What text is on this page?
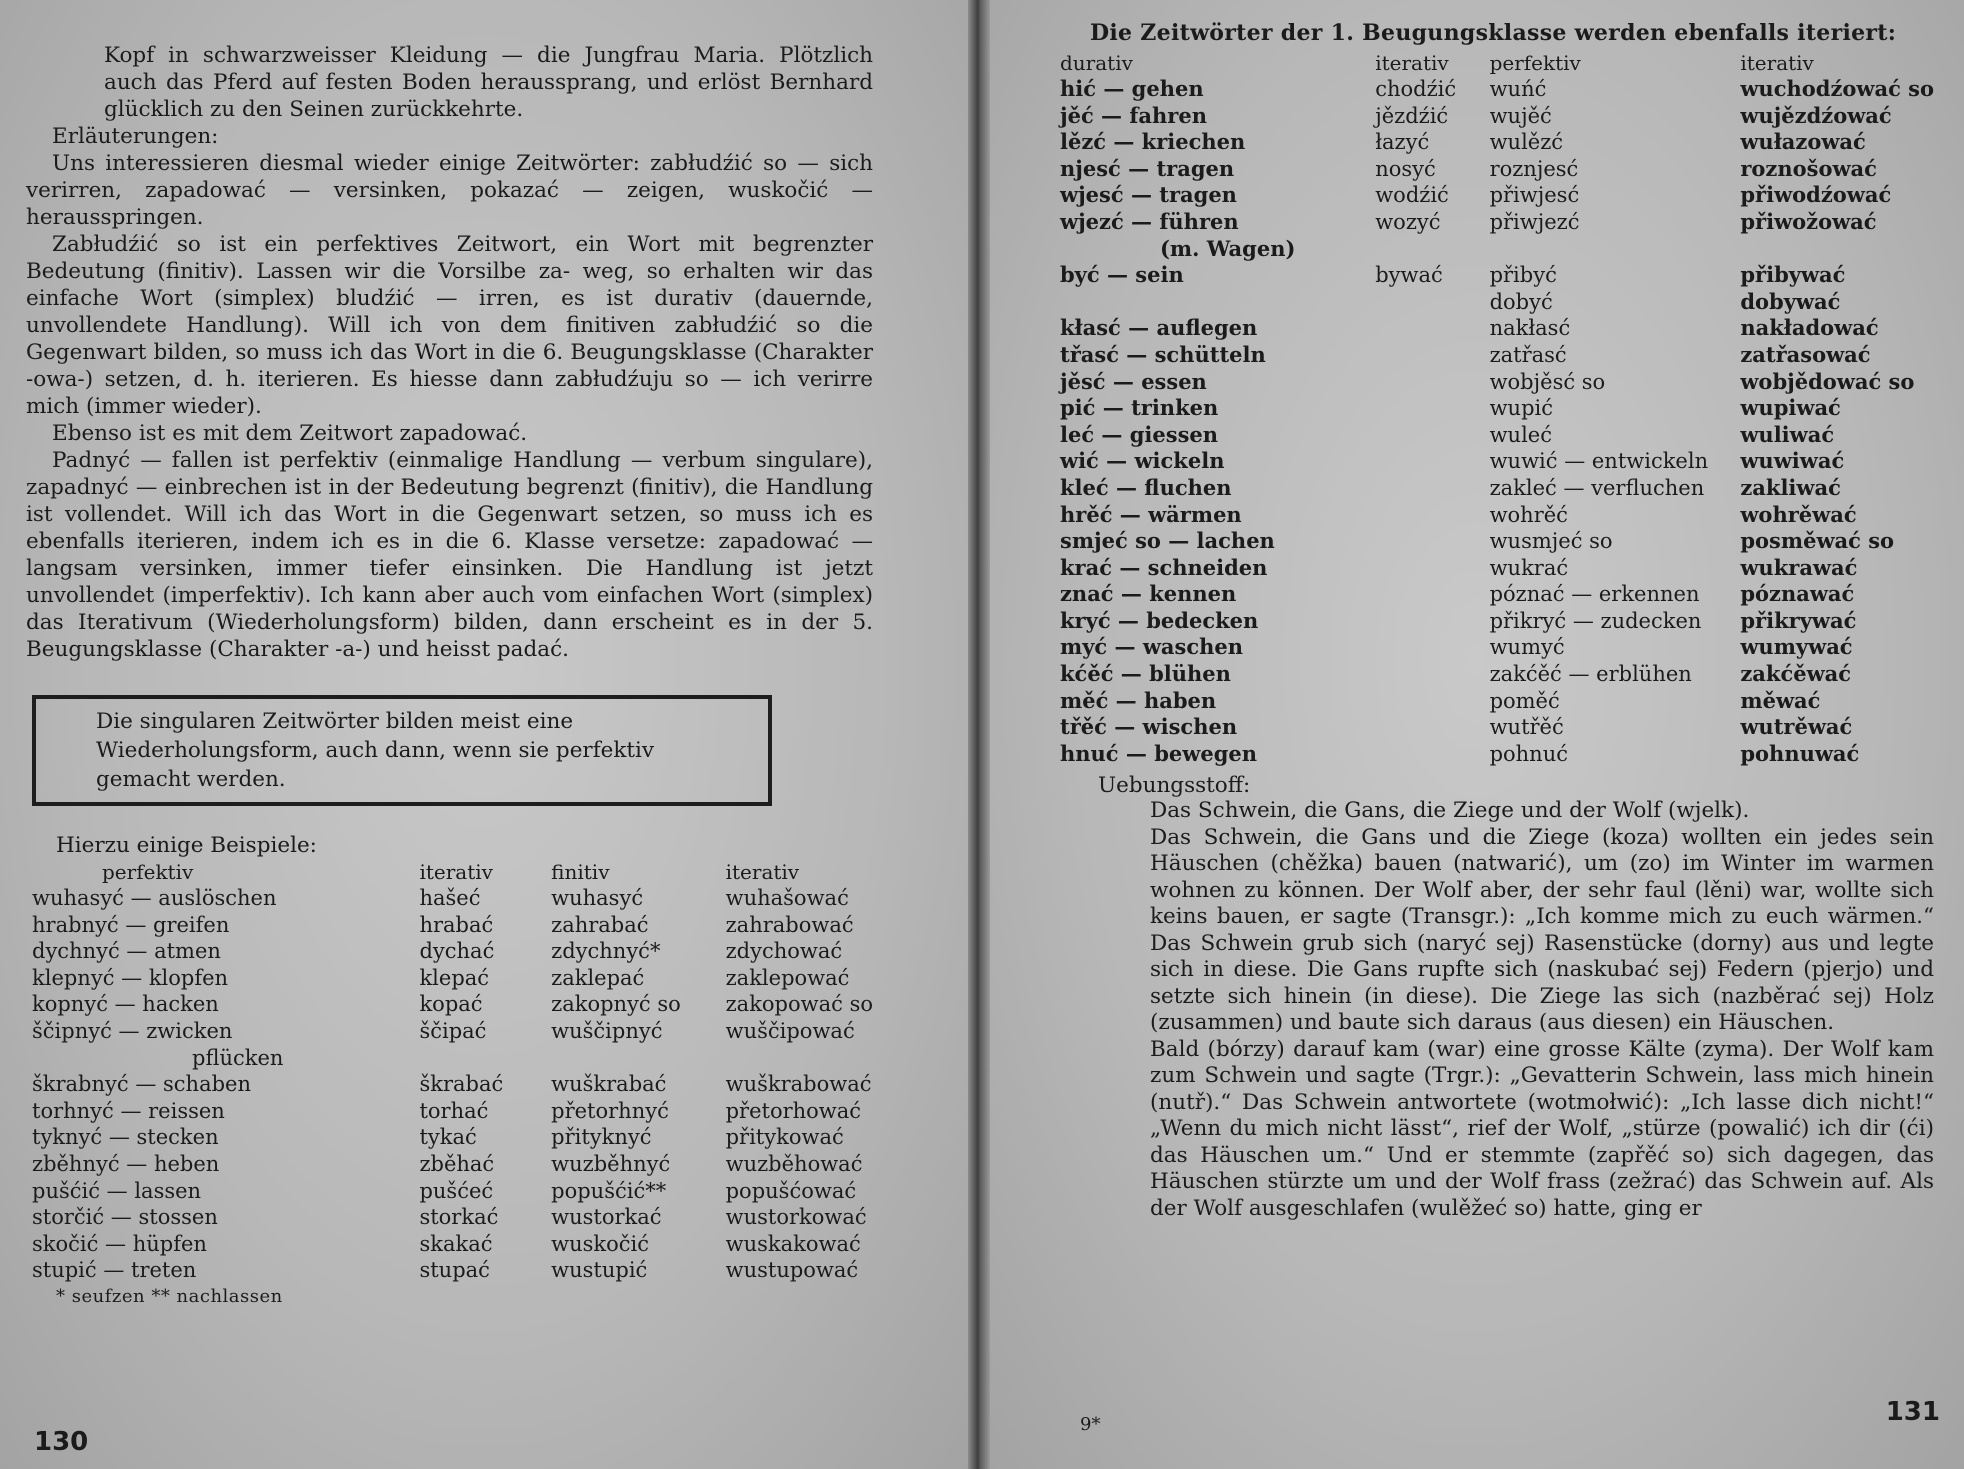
Kopf in schwarzweisser Kleidung — die Jungfrau Maria. Plötzlich auch das Pferd auf festen Boden heraussprang, und erlöst Bernhard glücklich zu den Seinen zurückkehrte.

Erläuterungen:

Uns interessieren diesmal wieder einige Zeitwörter: zabłudźić so — sich verirren, zapadować — versinken, pokazać — zeigen, wuskočić — herausspringen.

Zabłudźić so ist ein perfektives Zeitwort, ein Wort mit begrenzter Bedeutung (finitiv). Lassen wir die Vorsilbe za- weg, so erhalten wir das einfache Wort (simplex) bludźić — irren, es ist durativ (dauernde, unvollendete Handlung). Will ich von dem finitiven zabłudźić so die Gegenwart bilden, so muss ich das Wort in die 6. Beugungsklasse (Charakter -owa-) setzen, d. h. iterieren. Es hiesse dann zabłudźuju so — ich verirre mich (immer wieder).

Ebenso ist es mit dem Zeitwort zapadować.

Padnyć — fallen ist perfektiv (einmalige Handlung — verbum singulare), zapadnyć — einbrechen ist in der Bedeutung begrenzt (finitiv), die Handlung ist vollendet. Will ich das Wort in die Gegenwart setzen, so muss ich es ebenfalls iterieren, indem ich es in die 6. Klasse versetze: zapadować — langsam versinken, immer tiefer einsinken. Die Handlung ist jetzt unvollendet (imperfektiv). Ich kann aber auch vom einfachen Wort (simplex) das Iterativum (Wiederholungsform) bilden, dann erscheint es in der 5. Beugungsklasse (Charakter -a-) und heisst padać.

Die singularen Zeitwörter bilden meist eine Wiederholungsform, auch dann, wenn sie perfektiv gemacht werden.

Hierzu einige Beispiele:

perfektiv	iterativ	finitiv	iterativ
wuhasyć — auslöschen	hašeć	wuhasyć	wuhašować
hrabnyć — greifen	hrabać	zahrabać	zahrabować
dychnyć — atmen	dychać	zdychnyć*	zdychować
klepnyć — klopfen	klepać	zaklepać	zaklepować
kopnyć — hacken	kopać	zakopnyć so	zakopować so
ščipnyć — zwicken	ščipać	wuščipnyć	wuščipować
pflücken			
škrabnyć — schaben	škrabać	wuškrabać	wuškrabować
torhnyć — reissen	torhać	přetorhnyć	přetorhować
tyknyć — stecken	tykać	přityknyć	přitykować
zběhnyć — heben	zběhać	wuzběhnyć	wuzběhować
pušćić — lassen	pušćeć	popušćić**	popušćować
storčić — stossen	storkać	wustorkać	wustorkować
skočić — hüpfen	skakać	wuskočić	wuskakować
stupić — treten	stupać	wustupić	wustupować

* seufzen ** nachlassen

130

Die Zeitwörter der 1. Beugungsklasse werden ebenfalls iteriert:

durativ	iterativ	perfektiv	iterativ
hić — gehen	chodźić	wuńć	wuchodźować so
jěć — fahren	jězdźić	wujěć	wujězdźować
lězć — kriechen	łazyć	wulězć	wułazować
njesć — tragen	nosyć	roznjesć	roznošować
wjesć — tragen	wodźić	přiwjesć	přiwodźować
wjezć — führen	wozyć	přiwjezć	přiwožować
(m. Wagen)			
być — sein	bywać	přibyć	přibywać
		dobyć	dobywać
kłasć — auflegen		nakłasć	nakładować
třasć — schütteln		zatřasć	zatřasować
jěsć — essen		wobjěsć so	wobjědować so
pić — trinken		wupić	wupiwać
leć — giessen		wuleć	wuliwać
wić — wickeln		wuwić — entwickeln	wuwiwać
kleć — fluchen		zakleć — verfluchen	zakliwać
hrěć — wärmen		wohrěć	wohrěwać
smjeć so — lachen		wusmjeć so	posměwać so
krać — schneiden		wukrać	wukrawać
znać — kennen		póznać — erkennen	póznawać
kryć — bedecken		přikryć — zudecken	přikrywać
myć — waschen		wumyć	wumywać
kćěć — blühen		zakćěć — erblühen	zakćěwać
měć — haben		poměć	měwać
třěć — wischen		wutřěć	wutrěwać
hnuć — bewegen		pohnuć	pohnuwać

Uebungsstoff:

Das Schwein, die Gans, die Ziege und der Wolf (wjelk).

Das Schwein, die Gans und die Ziege (koza) wollten ein jedes sein Häuschen (chěžka) bauen (natwarić), um (zo) im Winter im warmen wohnen zu können. Der Wolf aber, der sehr faul (lěni) war, wollte sich keins bauen, er sagte (Transgr.): „Ich komme mich zu euch wärmen.“ Das Schwein grub sich (naryć sej) Rasenstücke (dorny) aus und legte sich in diese. Die Gans rupfte sich (naskubać sej) Federn (pjerjo) und setzte sich hinein (in diese). Die Ziege las sich (nazběrać sej) Holz (zusammen) und baute sich daraus (aus diesen) ein Häuschen.

Bald (bórzy) darauf kam (war) eine grosse Kälte (zyma). Der Wolf kam zum Schwein und sagte (Trgr.): „Gevatterin Schwein, lass mich hinein (nutř).“ Das Schwein antwortete (wotmołwić): „Ich lasse dich nicht!“ „Wenn du mich nicht lässt“, rief der Wolf, „stürze (powalić) ich dir (ći) das Häuschen um.“ Und er stemmte (zapřěć so) sich dagegen, das Häuschen stürzte um und der Wolf frass (zežrać) das Schwein auf. Als der Wolf ausgeschlafen (wulěžeć so) hatte, ging er

9*	131
